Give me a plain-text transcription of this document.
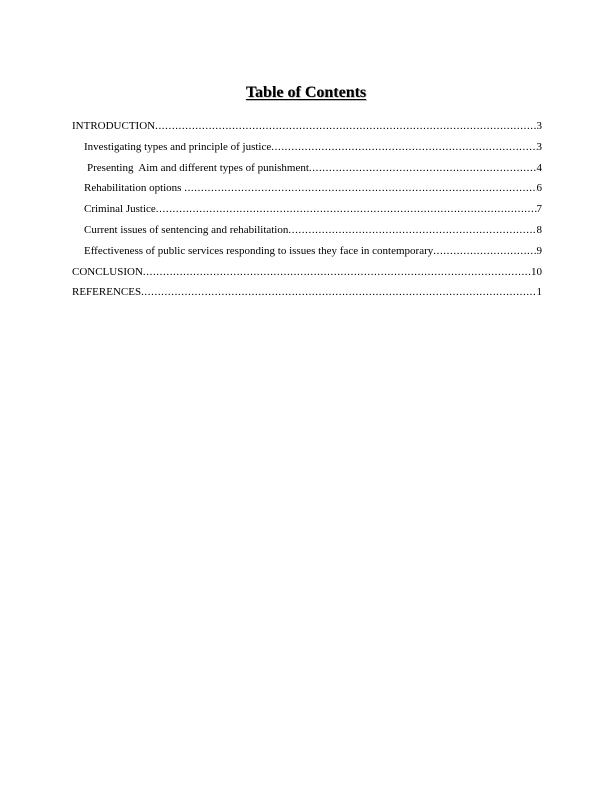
Table of Contents
INTRODUCTION .....	3
Investigating types and principle of justice .....	3
Presenting  Aim and different types of punishment .....	4
Rehabilitation options .....	6
Criminal Justice .....	7
Current issues of sentencing and rehabilitation .....	8
Effectiveness of public services responding to issues they face in contemporary .....	9
CONCLUSION .....	10
REFERENCES .....	1
